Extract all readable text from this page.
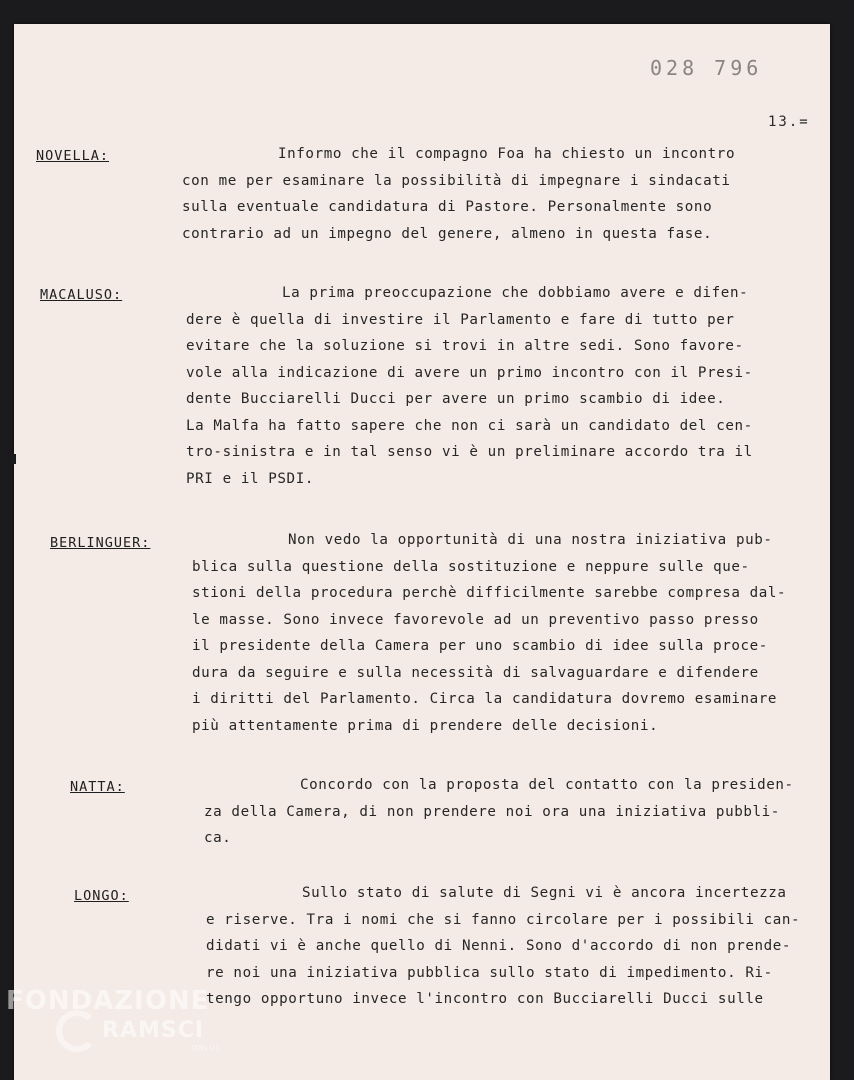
028 796
13.=
NOVELLA:	Informo che il compagno Foa ha chiesto un incontro
con me per esaminare la possibilità di impegnare i sindacati
sulla eventuale candidatura di Pastore. Personalmente sono
contrario ad un impegno del genere, almeno in questa fase.
MACALUSO:	La prima preoccupazione che dobbiamo avere e difen-
dere è quella di investire il Parlamento e fare di tutto per
evitare che la soluzione si trovi in altre sedi. Sono favore-
vole alla indicazione di avere un primo incontro con il Presi-
dente Bucciarelli Ducci per avere un primo scambio di idee.
La Malfa ha fatto sapere che non ci sarà un candidato del cen-
tro-sinistra e in tal senso vi è un preliminare accordo tra il
PRI e il PSDI.
BERLINGUER:	Non vedo la opportunità di una nostra iniziativa pub-
blica sulla questione della sostituzione e neppure sulle que-
stioni della procedura perchè difficilmente sarebbe compresa dal-
le masse. Sono invece favorevole ad un preventivo passo presso
il presidente della Camera per uno scambio di idee sulla proce-
dura da seguire e sulla necessità di salvaguardare e difendere
i diritti del Parlamento. Circa la candidatura dovremo esaminare
più attentamente prima di prendere delle decisioni.
NATTA:	Concordo con la proposta del contatto con la presiden-
za della Camera, di non prendere noi ora una iniziativa pubbli-
ca.
LONGO:	Sullo stato di salute di Segni vi è ancora incertezza
e riserve. Tra i nomi che si fanno circolare per i possibili can-
didati vi è anche quello di Nenni. Sono d'accordo di non prende-
re noi una iniziativa pubblica sullo stato di impedimento. Ri-
tengo opportuno invece l'incontro con Bucciarelli Ducci sulle
FONDAZIONE
RAMSCI
ONLUS
